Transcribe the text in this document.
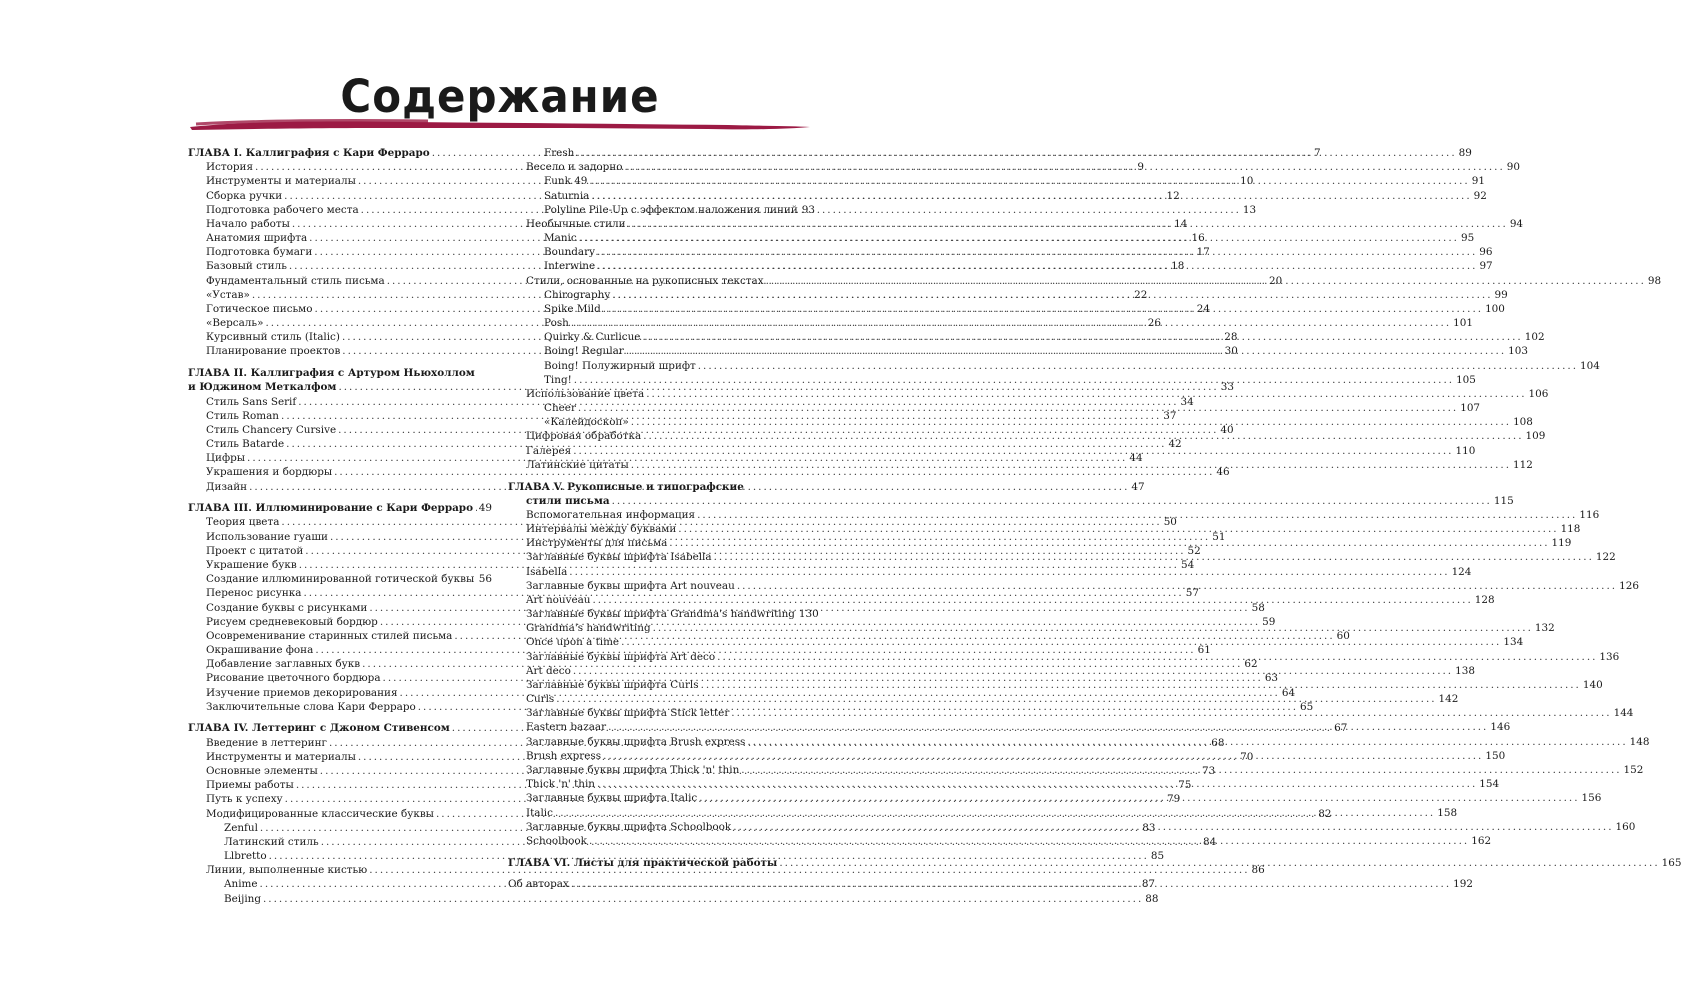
Содержание
ГЛАВА I. Каллиграфия с Кари Ферраро .....	7
История .....	9
Инструменты и материалы .....	10
Сборка ручки .....	12
Подготовка рабочего места .....	13
Начало работы .....	14
Анатомия шрифта .....	16
Подготовка бумаги .....	17
Базовый стиль .....	18
Фундаментальный стиль письма .....	20
«Устав» .....	22
Готическое письмо .....	24
«Версаль» .....	26
Курсивный стиль (Italic) .....	28
Планирование проектов .....	30
ГЛАВА II. Каллиграфия с Артуром Ньюхоллом
и Юджином Меткалфом .....	33
Стиль Sans Serif .....	34
Стиль Roman .....	37
Стиль Chancery Cursive .....	40
Стиль Batarde .....	42
Цифры .....	44
Украшения и бордюры .....	46
Дизайн .....	47
ГЛАВА III. Иллюминирование с Кари Ферраро ..... 49
Теория цвета .....	50
Использование гуаши .....	51
Проект с цитатой .....	52
Украшение букв .....	54
Создание иллюминированной готической буквы ..... 56
Перенос рисунка .....	57
Создание буквы с рисунками .....	58
Рисуем средневековый бордюр .....	59
Осовременивание старинных стилей письма .....	60
Окрашивание фона .....	61
Добавление заглавных букв .....	62
Рисование цветочного бордюра .....	63
Изучение приемов декорирования .....	64
Заключительные слова Кари Ферраро .....	65
ГЛАВА IV. Леттеринг с Джоном Стивенсом .....	67
Введение в леттеринг .....	68
Инструменты и материалы .....	70
Основные элементы .....	73
Приемы работы .....	75
Путь к успеху .....	79
Модифицированные классические буквы .....	82
Zenful .....	83
Латинский стиль .....	84
Llbretto .....	85
Линии, выполненные кистью .....	86
Anime .....	87
Beijing .....	88
Fresh .....	89
Весело и задорно .....	90
Funk 49 .....	91
Saturnia .....	92
Polyline Pile-Up с эффектом наложения линий 93
Необычные стили .....	94
Manic .....	95
Boundary .....	96
Interwine .....	97
Стили, основанные на рукописных текстах .....	98
Chirography .....	99
Spike Mild .....	100
Posh .....	101
Quirky & Curlicue .....	102
Boing! Regular .....	103
Boing! Полужирный шрифт .....	104
Ting! .....	105
Использование цвета .....	106
Cheer .....	107
«Калейдоскоп» .....	108
Цифровая обработка .....	109
Галерея .....	110
Латинские цитаты .....	112
ГЛАВА V. Рукописные и типографские
стили письма .....	115
Вспомогательная информация .....	116
Интервалы между буквами .....	118
Инструменты для письма .....	119
Заглавные буквы шрифта Isabella .....	122
Isabella .....	124
Заглавные буквы шрифта Art nouveau .....	126
Art nouveau .....	128
Заглавные буквы шрифта Grandma's handwriting 130
Grandma's handwriting .....	132
Once upon a time .....	134
Заглавные буквы шрифта Art deco .....	136
Art deco .....	138
Заглавные буквы шрифта Curls .....	140
Curls .....	142
Заглавные буквы шрифта Stick letter .....	144
Eastern bazaar .....	146
Заглавные буквы шрифта Brush express .....	148
Brush express .....	150
Заглавные буквы шрифта Thick 'n' thin .....	152
Thick 'n' thin .....	154
Заглавные буквы шрифта Italic .....	156
Italic .....	158
Заглавные буквы шрифта Schoolbook .....	160
Schoolbook .....	162
ГЛАВА VI. Листы для практической работы .....	165
Об авторах .....	192
